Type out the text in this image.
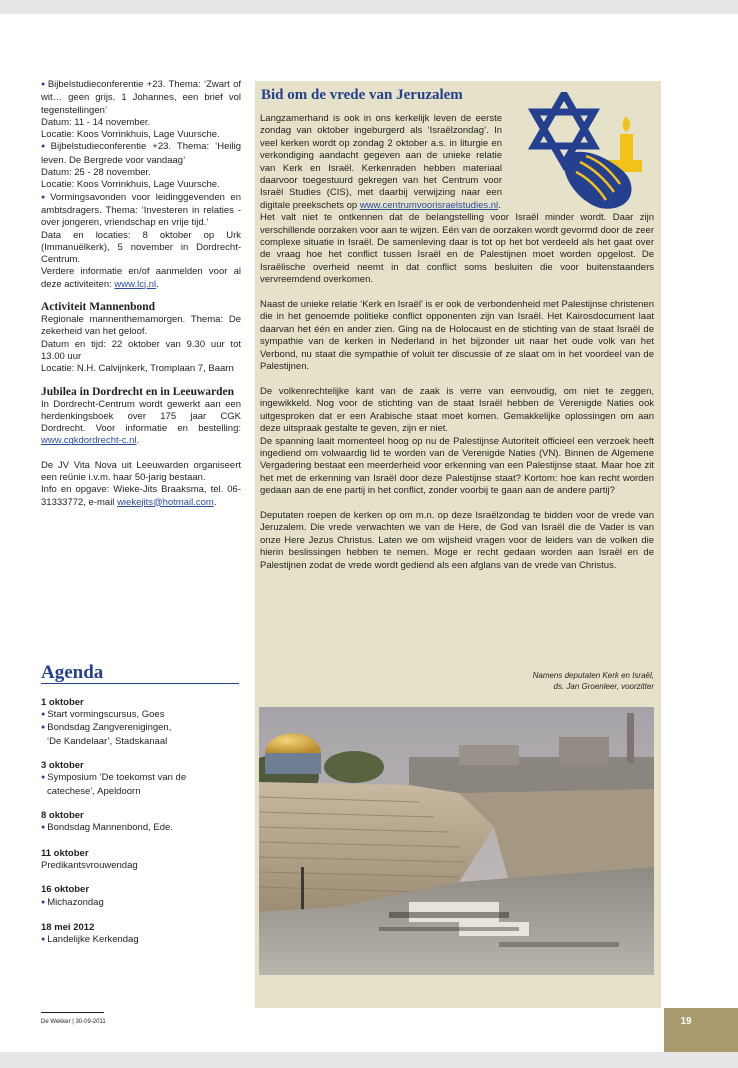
● Bijbelstudieconferentie +23. Thema: ‘Zwart of wit… geen grijs. 1 Johannes, een brief vol tegenstellingen’

Datum: 11 - 14 november.

Locatie: Koos Vorrinkhuis, Lage Vuursche.

● Bijbelstudieconferentie +23. Thema: ‘Heilig leven. De Bergrede voor vandaag’

Datum: 25 - 28 november.

Locatie: Koos Vorrinkhuis, Lage Vuursche.

● Vormingsavonden voor leidinggevenden en ambtsdragers. Thema: ‘Investeren in relaties - over jongeren, vriendschap en vrije tijd.’

Data en locaties: 8 oktober op Urk (Immanuëlkerk), 5 november in Dordrecht-Centrum.

Verdere informatie en/of aanmelden voor al deze activiteiten: www.lcj.nl.

Activiteit Mannenbond

Regionale mannenthemamorgen. Thema: De zekerheid van het geloof.

Datum en tijd: 22 oktober van 9.30 uur tot 13.00 uur

Locatie: N.H. Calvijnkerk, Tromplaan 7, Baarn

Jubilea in Dordrecht en in Leeuwarden

In Dordrecht-Centrum wordt gewerkt aan een herdenkingsboek over 175 jaar CGK Dordrecht. Voor informatie en bestelling: www.cgkdordrecht-c.nl.

De JV Vita Nova uit Leeuwarden organiseert een reünie i.v.m. haar 50-jarig bestaan.

Info en opgave: Wieke-Jits Braaksma, tel. 06-31333772, e-mail wiekejits@hotmail.com.

Agenda
1 oktober
● Start vormingscursus, Goes
● Bondsdag Zangverenigingen,
‘De Kandelaar’, Stadskanaal
3 oktober
● Symposium ‘De toekomst van de
catechese’, Apeldoorn
8 oktober
● Bondsdag Mannenbond, Ede.
11 oktober
Predikantsvrouwendag
16 oktober
● Michazondag
18 mei 2012
● Landelijke Kerkendag
Bid om de vrede van Jeruzalem

Langzamerhand is ook in ons kerkelijk leven de eerste zondag van oktober ingeburgerd als ‘Israëlzondag’. In veel kerken wordt op zondag 2 oktober a.s. in liturgie en verkondiging aandacht gegeven aan de unieke relatie van Kerk en Israël. Kerkenraden hebben materiaal daarvoor toegestuurd gekregen van het Centrum voor Israël Studies (CIS), met daarbij verwijzing naar een digitale preekschets op www.centrumvoorisraelstudies.nl.

Het valt niet te ontkennen dat de belangstelling voor Israël minder wordt. Daar zijn verschillende oorzaken voor aan te wijzen. Eén van de oorzaken wordt gevormd door de zeer complexe situatie in Israël. De samenleving daar is tot op het bot verdeeld als het gaat over de vraag hoe het conflict tussen Israël en de Palestijnen moet worden opgelost. De Israëlische overheid neemt in dat conflict soms besluiten die voor buitenstaanders vervreemdend overkomen.

Naast de unieke relatie ‘Kerk en Israël’ is er ook de verbondenheid met Palestijnse christenen die in het genoemde politieke conflict opponenten zijn van Israël. Het Kairosdocument laat daarvan het één en ander zien. Ging na de Holocaust en de stichting van de staat Israël de sympathie van de kerken in Nederland in het bijzonder uit naar het oude volk van het Verbond, nu staat die sympathie of voluit ter discussie of ze slaat om in het voordeel van de Palestijnen.

De volkenrechtelijke kant van de zaak is verre van eenvoudig, om niet te zeggen, ingewikkeld. Nog voor de stichting van de staat Israël hebben de Verenigde Naties ook uitgesproken dat er een Arabische staat moet komen. Gemakkelijke oplossingen om aan deze uitspraak gestalte te geven, zijn er niet.

De spanning laait momenteel hoog op nu de Palestijnse Autoriteit officieel een verzoek heeft ingediend om volwaardig lid te worden van de Verenigde Naties (VN). Binnen de Algemene Vergadering bestaat een meerderheid voor erkenning van een Palestijnse staat. Maar hoe zit het met de erkenning van Israël door deze Palestijnse staat? Kortom: hoe kan recht worden gedaan aan de ene partij in het conflict, zonder voorbij te gaan aan de andere partij?

Deputaten roepen de kerken op om m.n. op deze Israëlzondag te bidden voor de vrede van Jeruzalem. Die vrede verwachten we van de Here, de God van Israël die de Vader is van onze Here Jezus Christus. Laten we om wijsheid vragen voor de leiders van de volken die hierin beslissingen hebben te nemen. Moge er recht gedaan worden aan Israël en de Palestijnen zodat de vrede wordt gediend als een afglans van de vrede van Christus.

Namens deputaten Kerk en Israël,
ds. Jan Groenleer, voorzitter
De Wekker | 30-09-2011	19
